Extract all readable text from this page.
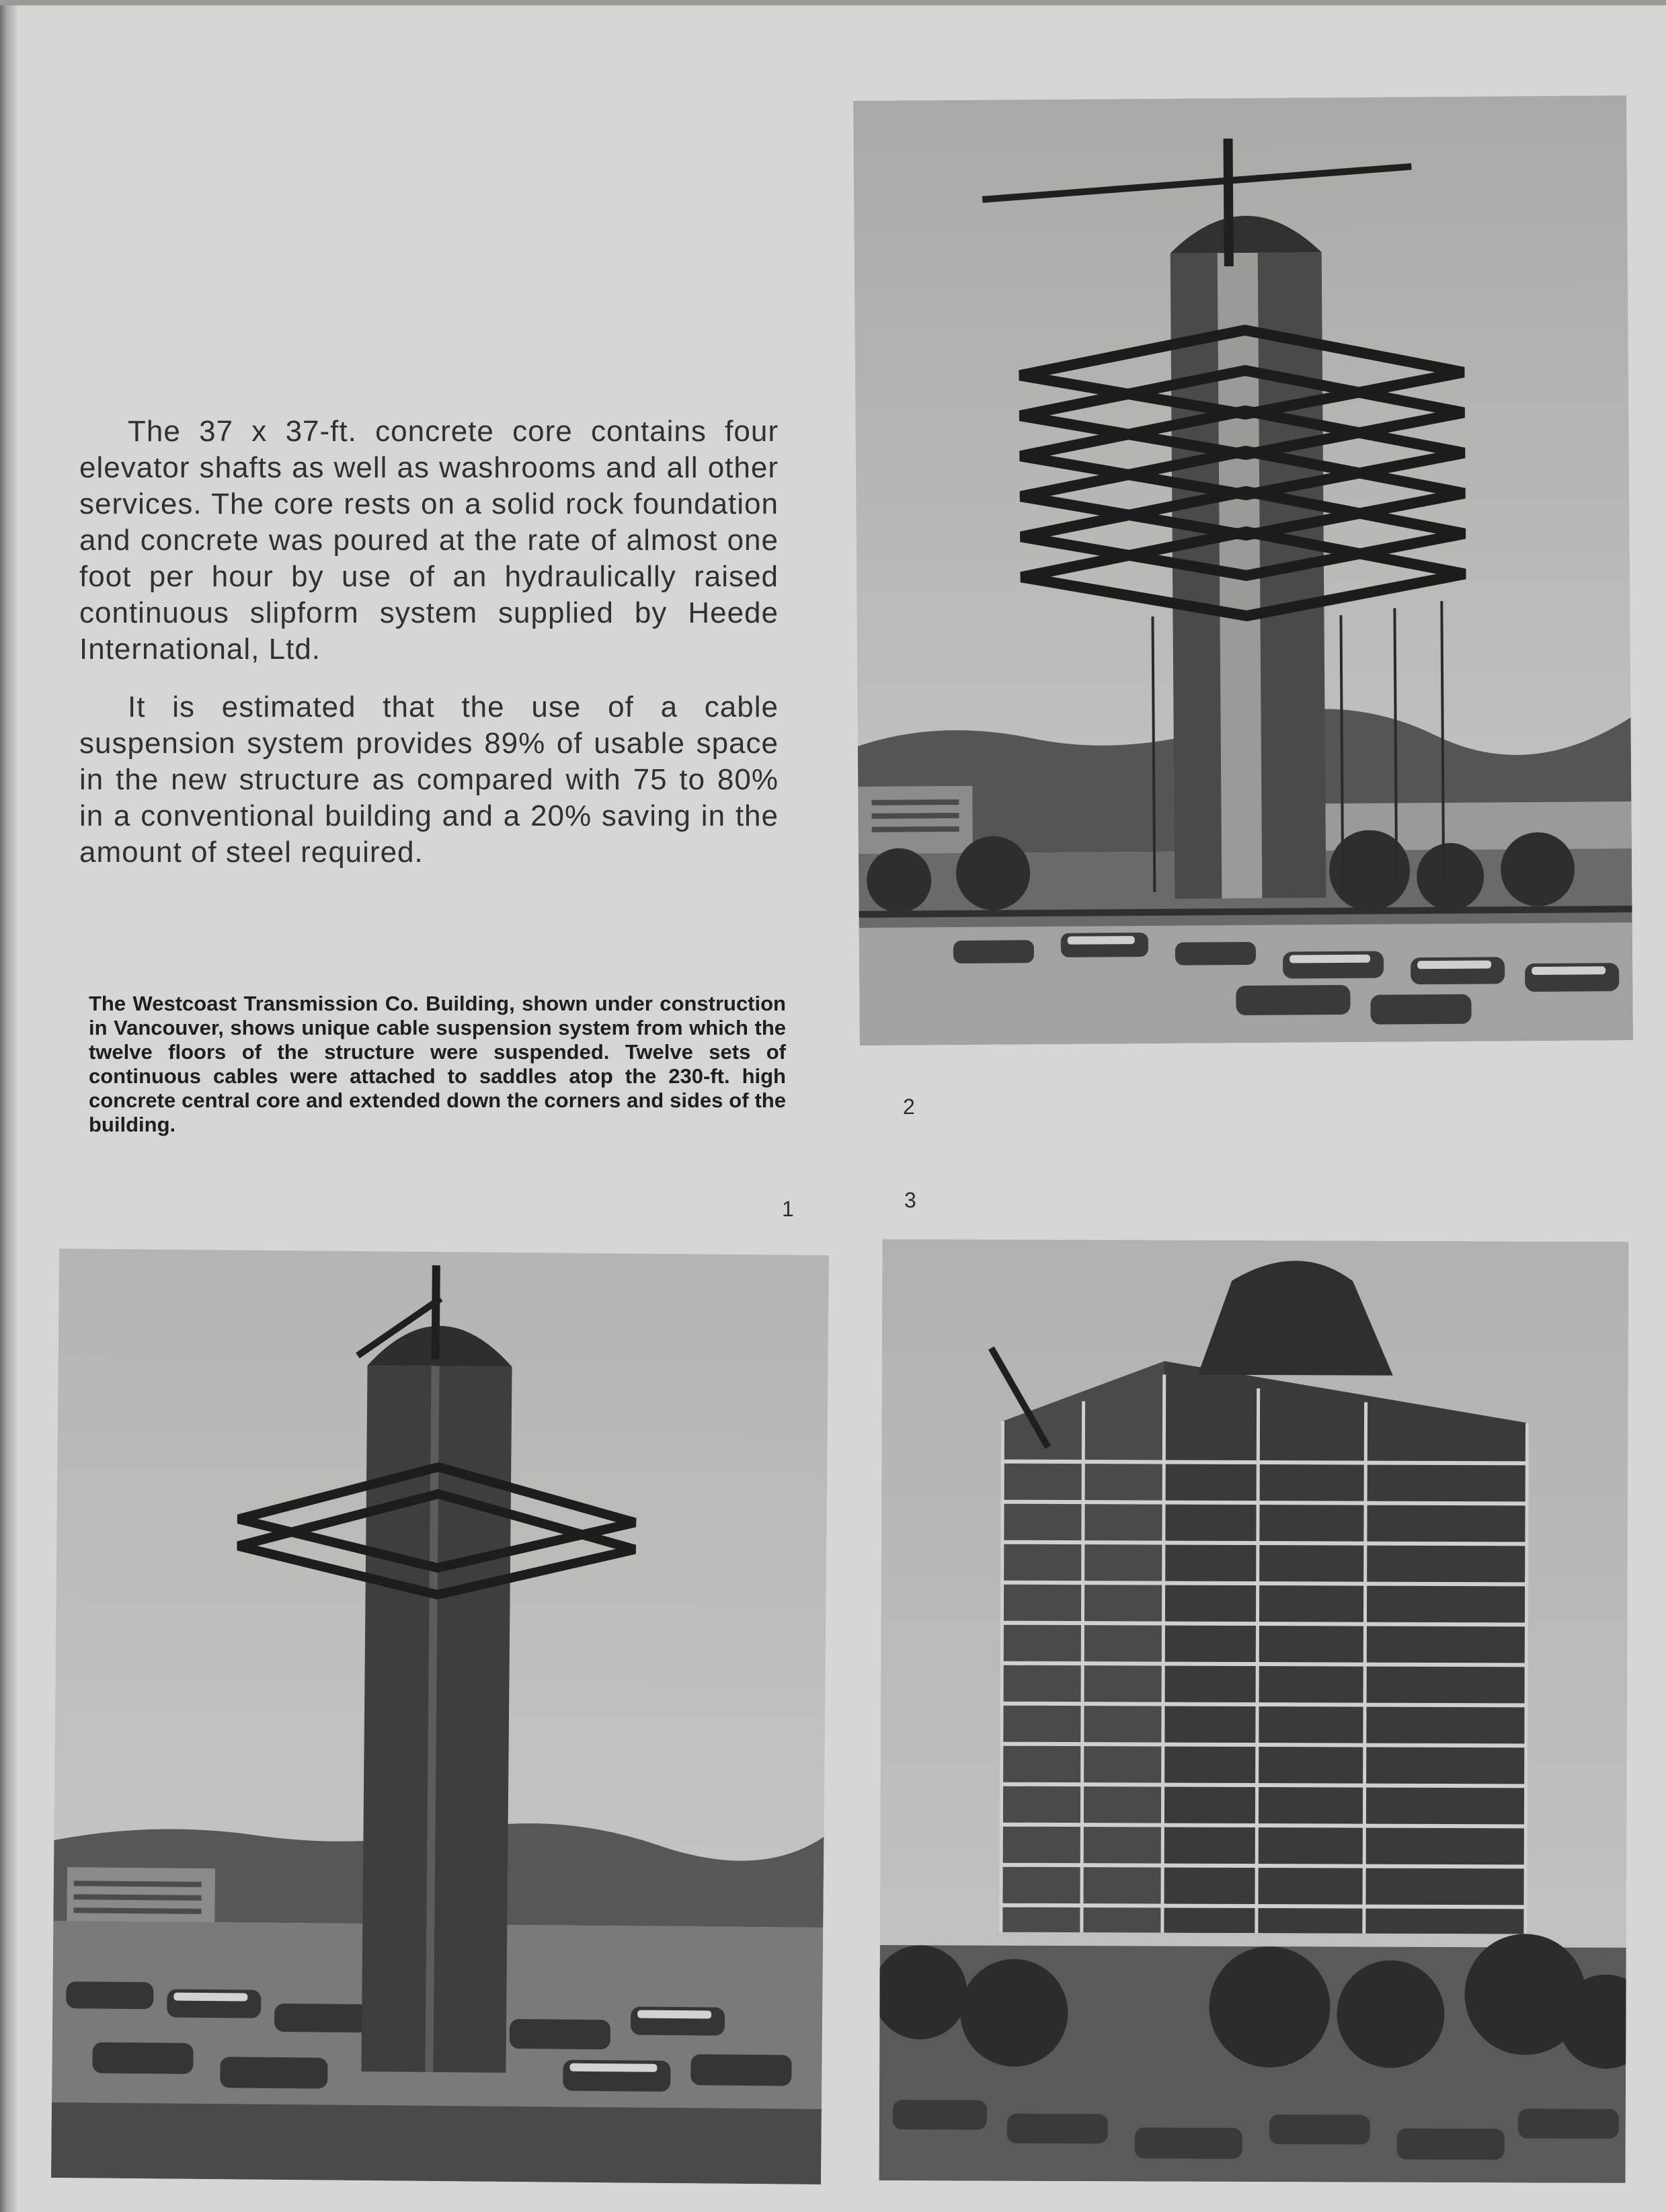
The 37 x 37-ft. concrete core contains four elevator shafts as well as washrooms and all other services. The core rests on a solid rock foundation and concrete was poured at the rate of almost one foot per hour by use of an hydraulically raised continuous slipform system supplied by Heede International, Ltd.

It is estimated that the use of a cable suspension system provides 89% of usable space in the new structure as compared with 75 to 80% in a conventional building and a 20% saving in the amount of steel required.

The Westcoast Transmission Co. Building, shown under construction in Vancouver, shows unique cable suspension system from which the twelve floors of the structure were suspended. Twelve sets of continuous cables were attached to saddles atop the 230-ft. high concrete central core and extended down the corners and sides of the building.
1
2
3
